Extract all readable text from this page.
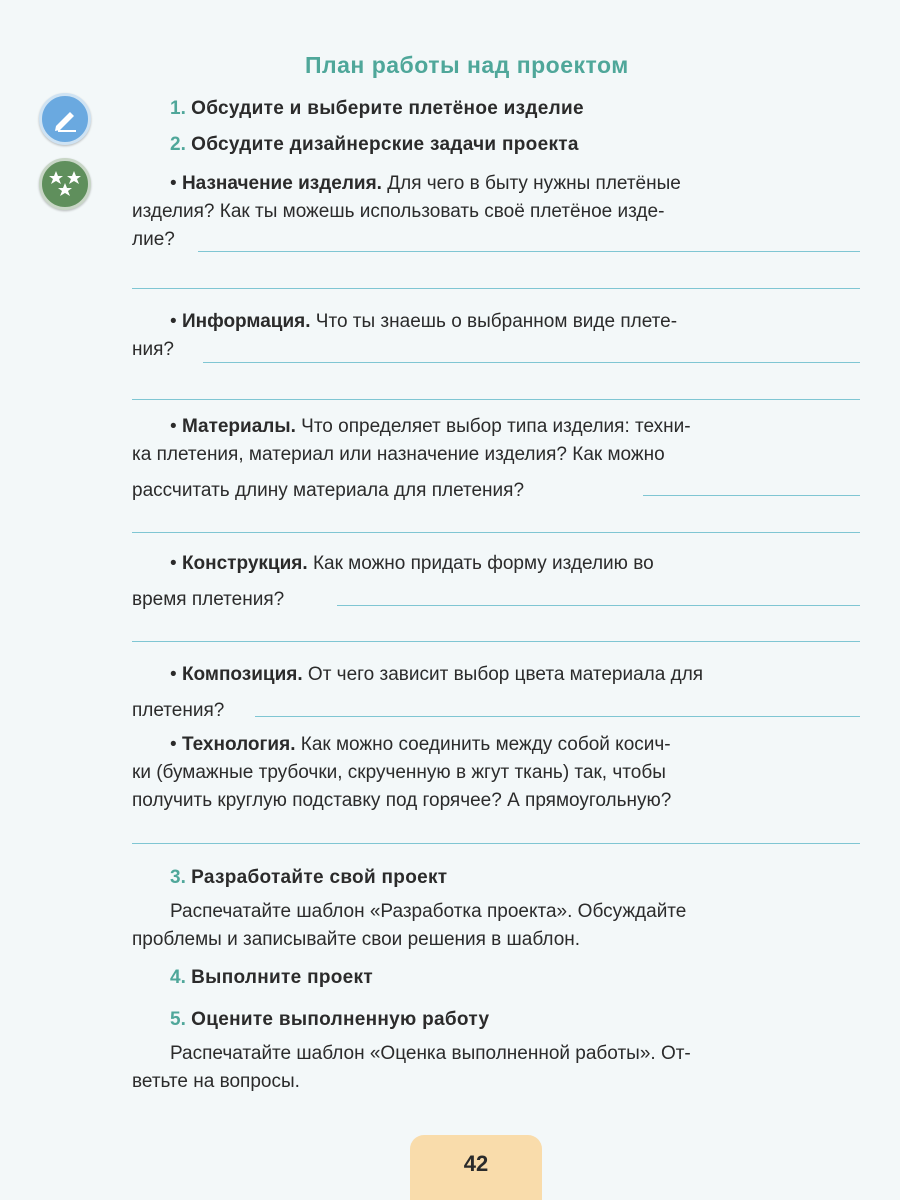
План работы над проектом
1. Обсудите и выберите плетёное изделие
2. Обсудите дизайнерские задачи проекта
• Назначение изделия. Для чего в быту нужны плетёные
изделия? Как ты можешь использовать своё плетёное изде-
лие?
• Информация. Что ты знаешь о выбранном виде плете-
ния?
• Материалы. Что определяет выбор типа изделия: техни-
ка плетения, материал или назначение изделия? Как можно
рассчитать длину материала для плетения?
• Конструкция. Как можно придать форму изделию во
время плетения?
• Композиция. От чего зависит выбор цвета материала для
плетения?
• Технология. Как можно соединить между собой косич-
ки (бумажные трубочки, скрученную в жгут ткань) так, чтобы
получить круглую подставку под горячее? А прямоугольную?
3. Разработайте свой проект
Распечатайте шаблон «Разработка проекта». Обсуждайте
проблемы и записывайте свои решения в шаблон.
4. Выполните проект
5. Оцените выполненную работу
Распечатайте шаблон «Оценка выполненной работы». От-
ветьте на вопросы.
42
